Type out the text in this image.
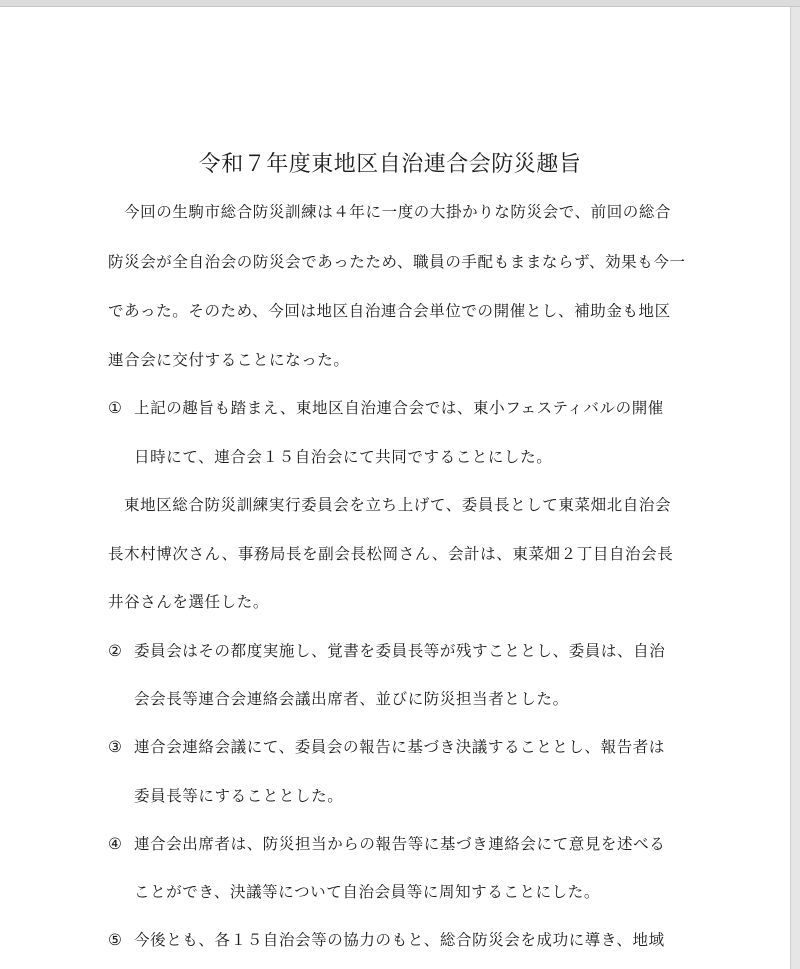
令和７年度東地区自治連合会防災趣旨

今回の生駒市総合防災訓練は４年に一度の大掛かりな防災会で、前回の総合

防災会が全自治会の防災会であったため、職員の手配もままならず、効果も今一

であった。そのため、今回は地区自治連合会単位での開催とし、補助金も地区

連合会に交付することになった。

① 上記の趣旨も踏まえ、東地区自治連合会では、東小フェスティバルの開催

日時にて、連合会１５自治会にて共同ですることにした。

東地区総合防災訓練実行委員会を立ち上げて、委員長として東菜畑北自治会

長木村博次さん、事務局長を副会長松岡さん、会計は、東菜畑２丁目自治会長

井谷さんを選任した。

② 委員会はその都度実施し、覚書を委員長等が残すこととし、委員は、自治

会会長等連合会連絡会議出席者、並びに防災担当者とした。

③ 連合会連絡会議にて、委員会の報告に基づき決議することとし、報告者は

委員長等にすることとした。

④ 連合会出席者は、防災担当からの報告等に基づき連絡会にて意見を述べる

ことができ、決議等について自治会員等に周知することにした。

⑤ 今後とも、各１５自治会等の協力のもと、総合防災会を成功に導き、地域
